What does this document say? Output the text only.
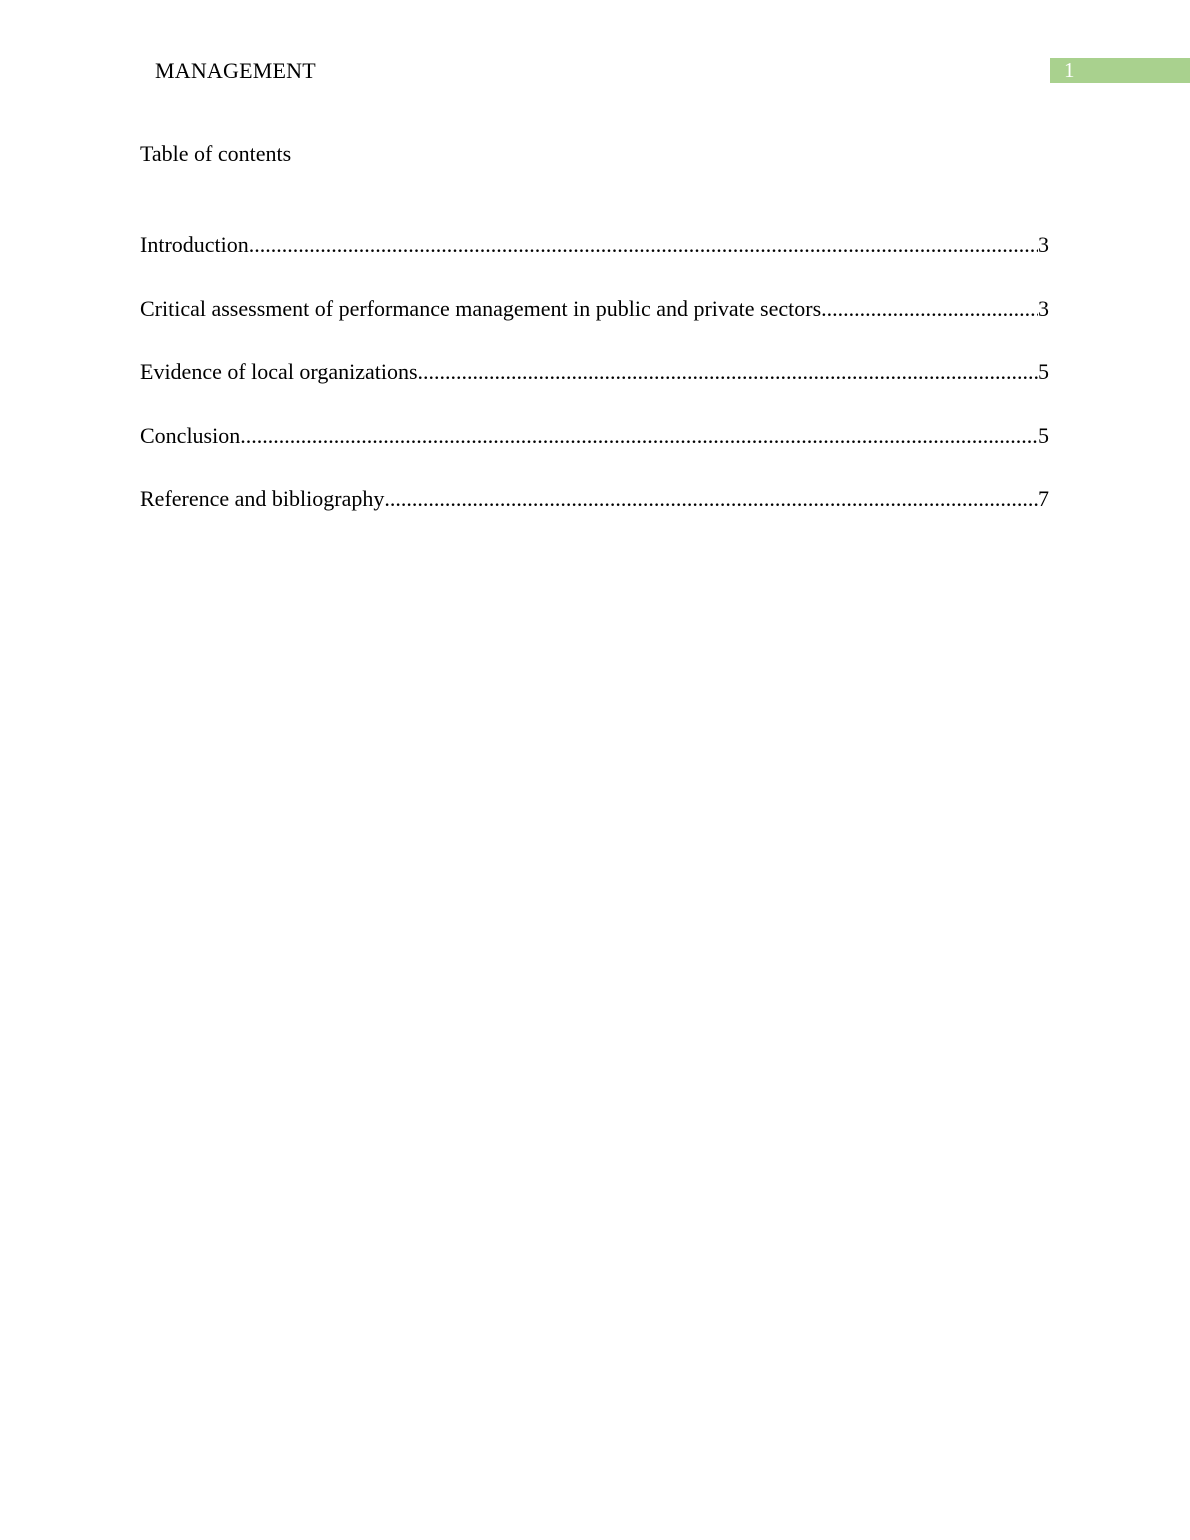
MANAGEMENT	1
Table of contents
Introduction .....	3
Critical assessment of performance management in public and private sectors .....	3
Evidence of local organizations .....	5
Conclusion .....	5
Reference and bibliography .....	7
